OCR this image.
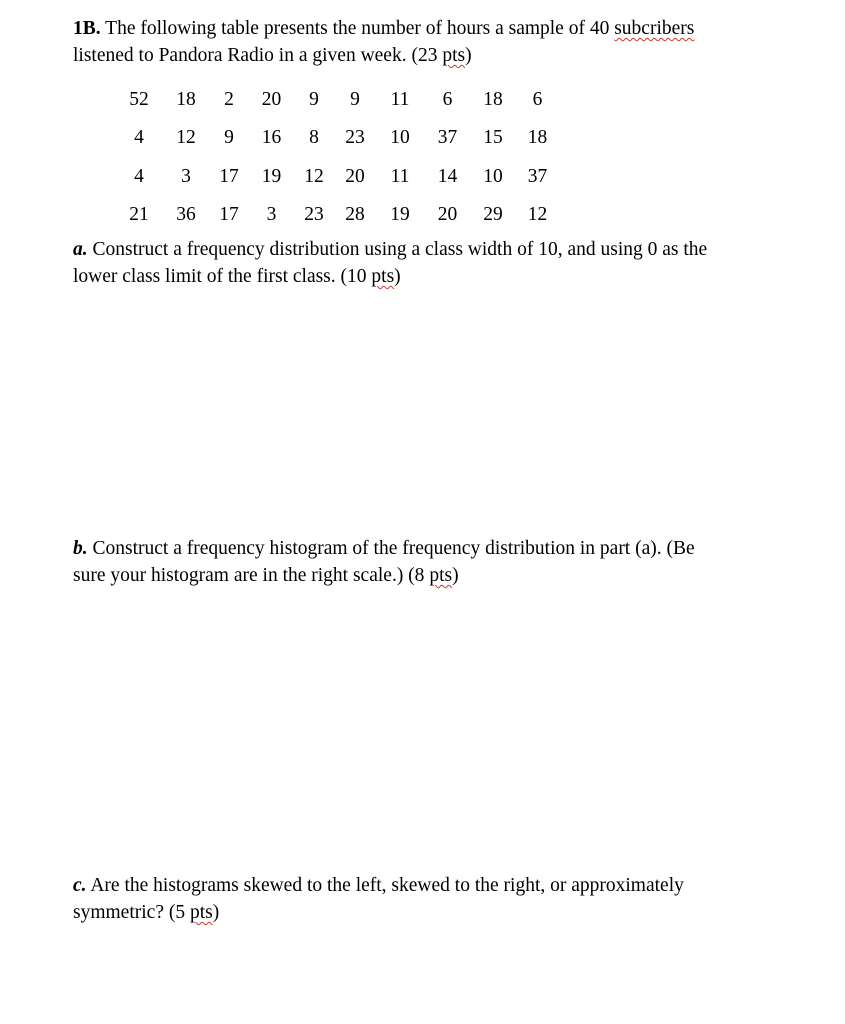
1B. The following table presents the number of hours a sample of 40 subcribers

listened to Pandora Radio in a given week. (23 pts)

52	18	2	20	9	9	11	6	18	6
4	12	9	16	8	23	10	37	15	18
4	3	17	19	12	20	11	14	10	37
21	36	17	3	23	28	19	20	29	12

a. Construct a frequency distribution using a class width of 10, and using 0 as the

lower class limit of the first class. (10 pts)

b. Construct a frequency histogram of the frequency distribution in part (a). (Be

sure your histogram are in the right scale.) (8 pts)

c. Are the histograms skewed to the left, skewed to the right, or approximately

symmetric? (5 pts)
